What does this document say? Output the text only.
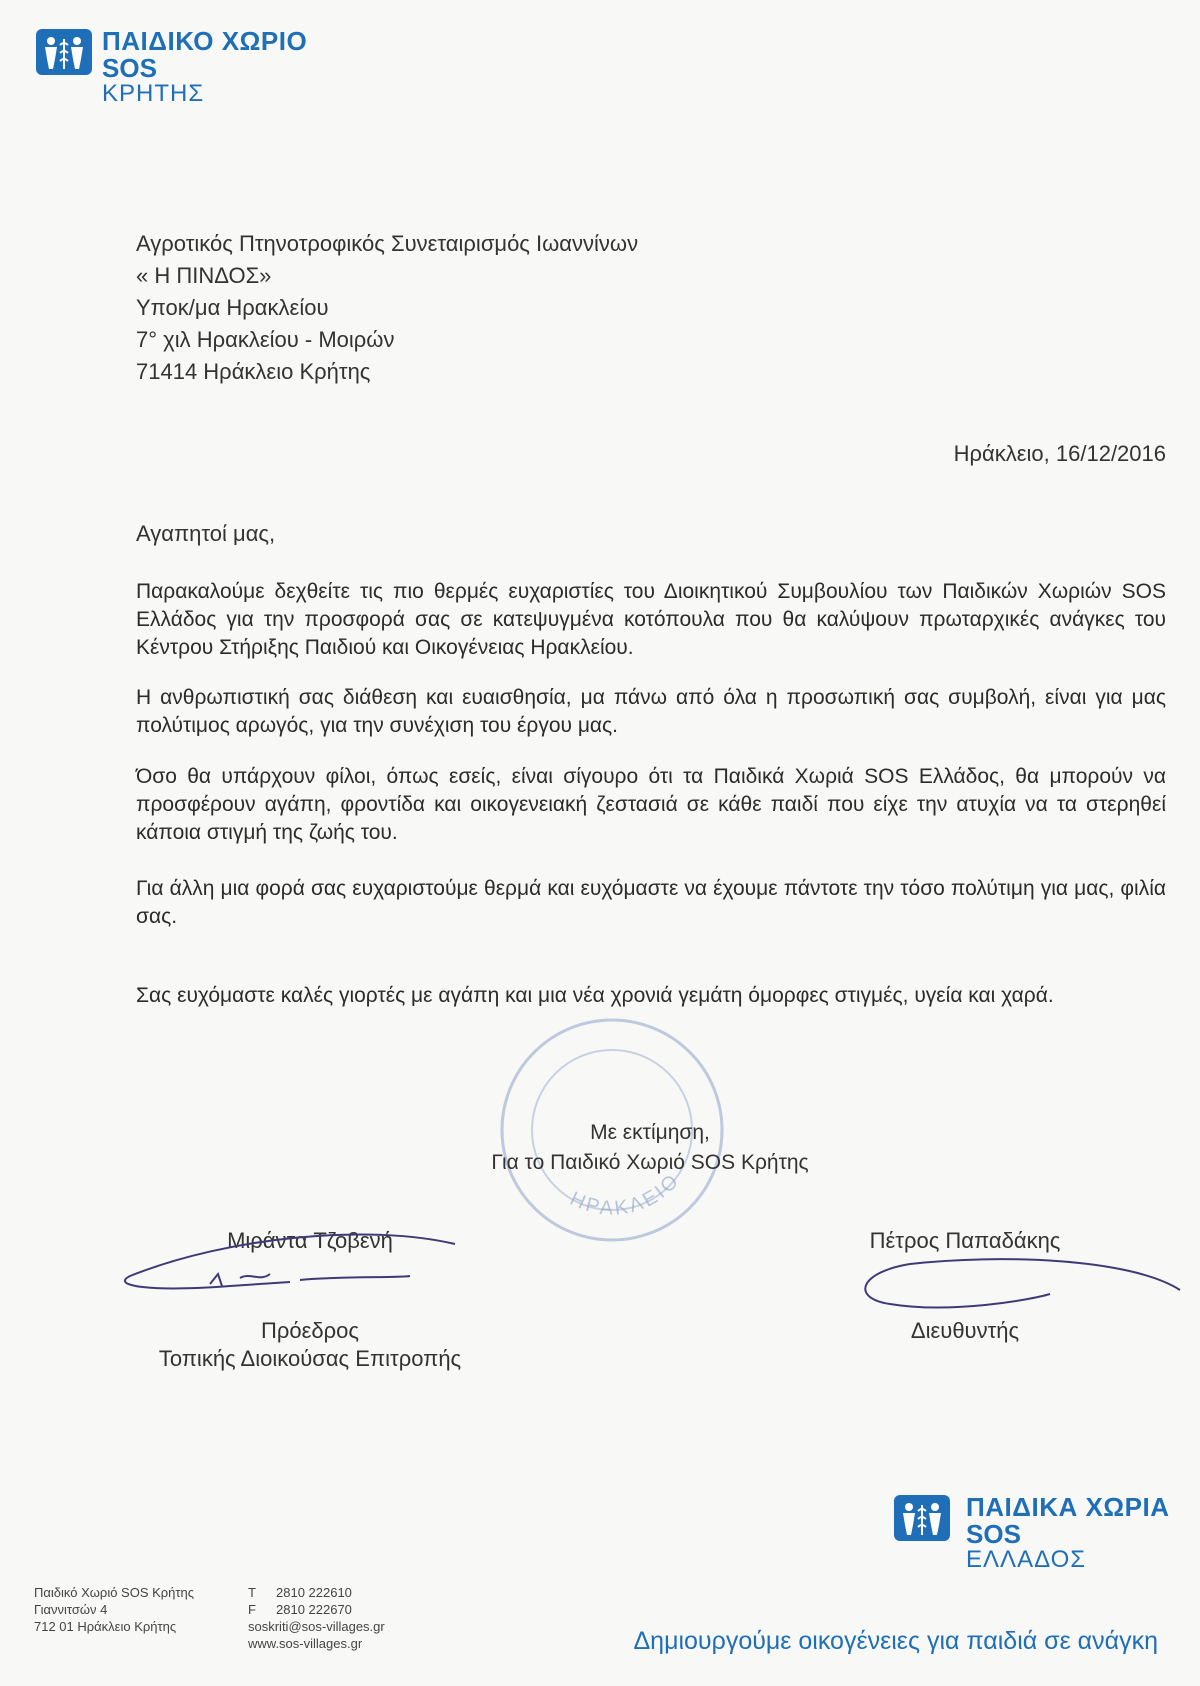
ΠΑΙΔΙΚΟ ΧΩΡΙΟ
SOS
ΚΡΗΤΗΣ
Αγροτικός Πτηνοτροφικός Συνεταιρισμός Ιωαννίνων
« Η ΠΙΝΔΟΣ»
Υποκ/μα Ηρακλείου
7° χιλ Ηρακλείου - Μοιρών
71414 Ηράκλειο Κρήτης
Ηράκλειο, 16/12/2016
Αγαπητοί μας,
Παρακαλούμε δεχθείτε τις πιο θερμές ευχαριστίες του Διοικητικού Συμβουλίου των Παιδικών Χωριών SOS Ελλάδος για την προσφορά σας σε κατεψυγμένα κοτόπουλα που θα καλύψουν πρωταρχικές ανάγκες του Κέντρου Στήριξης Παιδιού και Οικογένειας Ηρακλείου.
Η ανθρωπιστική σας διάθεση και ευαισθησία, μα πάνω από όλα η προσωπική σας συμβολή, είναι για μας πολύτιμος αρωγός, για την συνέχιση του έργου μας.
Όσο θα υπάρχουν φίλοι, όπως εσείς, είναι σίγουρο ότι τα Παιδικά Χωριά SOS Ελλάδος, θα μπορούν να προσφέρουν αγάπη, φροντίδα και οικογενειακή ζεστασιά σε κάθε παιδί που είχε την ατυχία να τα στερηθεί κάποια στιγμή της ζωής του.
Για άλλη μια φορά σας ευχαριστούμε θερμά και ευχόμαστε να έχουμε πάντοτε την τόσο πολύτιμη για μας, φιλία σας.
Σας ευχόμαστε καλές γιορτές με αγάπη και μια νέα χρονιά γεμάτη όμορφες στιγμές, υγεία και χαρά.
ΗΡΑΚΛΕΙΟ
Με εκτίμηση,
Για το Παιδικό Χωριό SOS Κρήτης
Μιράντα Τζοβενή
Πρόεδρος
Τοπικής Διοικούσας Επιτροπής
Πέτρος Παπαδάκης
Διευθυντής
ΠΑΙΔΙΚΑ ΧΩΡΙΑ
SOS
ΕΛΛΑΔΟΣ
Παιδικό Χωριό SOS Κρήτης
Γιαννιτσών 4
712 01 Ηράκλειο Κρήτης
T 2810 222610
F 2810 222670
soskriti@sos-villages.gr
www.sos-villages.gr	Δημιουργούμε οικογένειες για παιδιά σε ανάγκη
